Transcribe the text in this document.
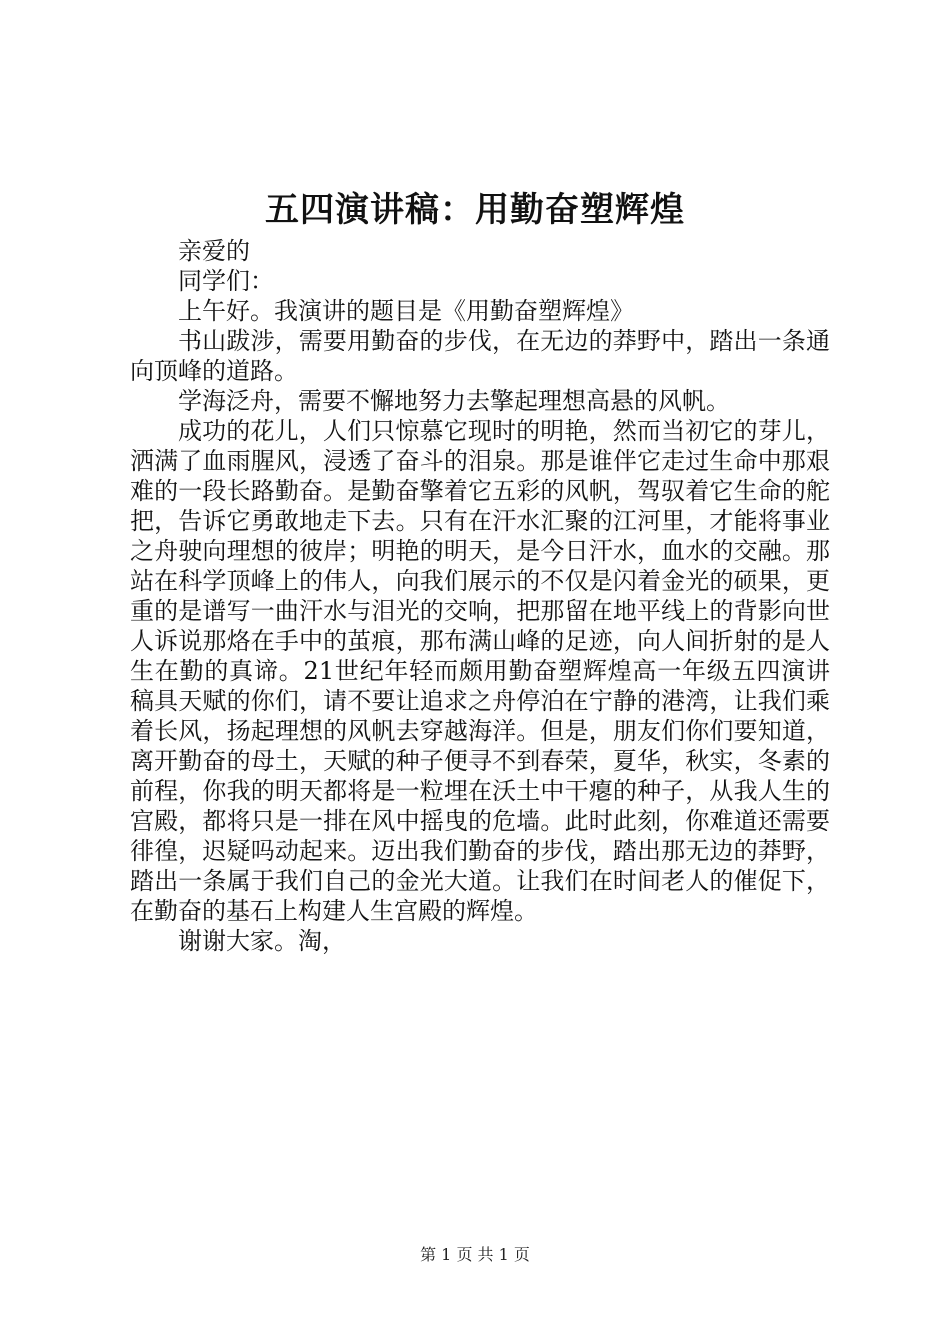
五四演讲稿：用勤奋塑辉煌

亲爱的

同学们：

上午好。我演讲的题目是《用勤奋塑辉煌》

书山跋涉，需要用勤奋的步伐，在无边的莽野中，踏出一条通向顶峰的道路。

学海泛舟，需要不懈地努力去擎起理想高悬的风帆。

成功的花儿，人们只惊慕它现时的明艳，然而当初它的芽儿，洒满了血雨腥风，浸透了奋斗的泪泉。那是谁伴它走过生命中那艰难的一段长路勤奋。是勤奋擎着它五彩的风帆，驾驭着它生命的舵把，告诉它勇敢地走下去。只有在汗水汇聚的江河里，才能将事业之舟驶向理想的彼岸；明艳的明天，是今日汗水，血水的交融。那站在科学顶峰上的伟人，向我们展示的不仅是闪着金光的硕果，更重的是谱写一曲汗水与泪光的交响，把那留在地平线上的背影向世人诉说那烙在手中的茧痕，那布满山峰的足迹，向人间折射的是人生在勤的真谛。21世纪年轻而颇用勤奋塑辉煌高一年级五四演讲稿具天赋的你们，请不要让追求之舟停泊在宁静的港湾，让我们乘着长风，扬起理想的风帆去穿越海洋。但是，朋友们你们要知道，离开勤奋的母土，天赋的种子便寻不到春荣，夏华，秋实，冬素的前程，你我的明天都将是一粒埋在沃土中干瘪的种子，从我人生的宫殿，都将只是一排在风中摇曳的危墙。此时此刻，你难道还需要徘徨，迟疑吗动起来。迈出我们勤奋的步伐，踏出那无边的莽野，踏出一条属于我们自己的金光大道。让我们在时间老人的催促下，在勤奋的基石上构建人生宫殿的辉煌。

谢谢大家。淘，

第 1 页 共 1 页
